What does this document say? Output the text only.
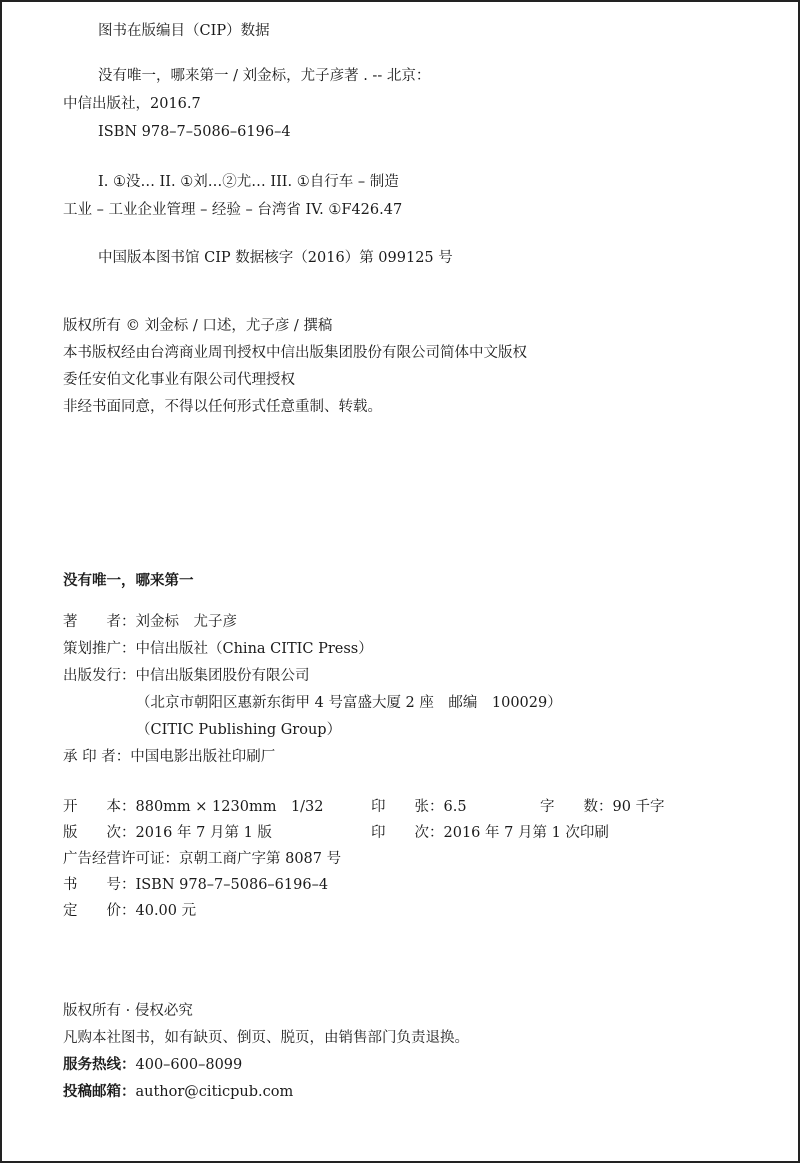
图书在版编目（CIP）数据
没有唯一，哪来第一 / 刘金标，尤子彦著 . -- 北京：
中信出版社，2016.7
ISBN 978–7–5086–6196–4
I. ①没… II. ①刘…②尤… III. ①自行车 – 制造
工业 – 工业企业管理 – 经验 – 台湾省 IV. ①F426.47
中国版本图书馆 CIP 数据核字（2016）第 099125 号
版权所有 © 刘金标 / 口述，尤子彦 / 撰稿
本书版权经由台湾商业周刊授权中信出版集团股份有限公司简体中文版权
委任安伯文化事业有限公司代理授权
非经书面同意，不得以任何形式任意重制、转载。
没有唯一，哪来第一
著　　者：刘金标　尤子彦
策划推广：中信出版社（China CITIC Press）
出版发行：中信出版集团股份有限公司
（北京市朝阳区惠新东街甲 4 号富盛大厦 2 座　邮编　100029）
（CITIC Publishing Group）
承 印 者：中国电影出版社印刷厂
开　　本：880mm × 1230mm　1/32	印　　张：6.5	字　　数：90 千字
版　　次：2016 年 7 月第 1 版	印　　次：2016 年 7 月第 1 次印刷
广告经营许可证：京朝工商广字第 8087 号
书　　号：ISBN 978–7–5086–6196–4
定　　价：40.00 元
版权所有 · 侵权必究
凡购本社图书，如有缺页、倒页、脱页，由销售部门负责退换。
服务热线：400–600–8099
投稿邮箱：author@citicpub.com
